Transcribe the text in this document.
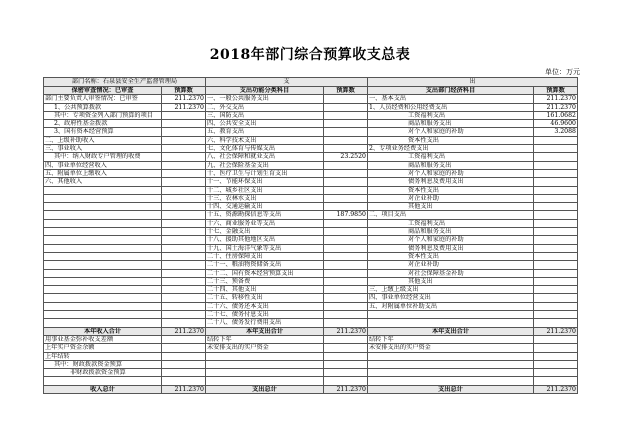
2018年部门综合预算收支总表
单位：万元
部门名称：石泉县安全生产监督管理局		支		出	
保密审查情况：已审查	预算数	支出功能分类科目	预算数	支出部门经济科目	预算数
部门主要负责人审签情况：已审签	211.2370	一、一般公共服务支出		一、基本支出	211.2370
1、公共预算拨款	211.2370	二、外交支出		1、人员经费和公用经费支出	211.2370
其中：专项资金列入部门预算的项目		三、国防支出		工资福利支出	161.0682
2、政府性基金拨款		四、公共安全支出		商品和服务支出	46.9600
3、国有资本经营预算		五、教育支出		对个人和家庭的补助	3.2088
二、上级补助收入		六、科学技术支出		资本性支出	
三、事业收入		七、文化体育与传媒支出		2、专项业务经费支出	
其中：纳入财政专户管理的收费		八、社会保障和就业支出	23.2520	工资福利支出	
四、事业单位经营收入		九、社会保险基金支出		商品和服务支出	
五、附属单位上缴收入		十、医疗卫生与计划生育支出		对个人和家庭的补助	
六、其他收入		十一、节能环保支出		债务利息及费用支出	
		十二、城乡社区支出		资本性支出	
		十三、农林水支出		对企业补助	
		十四、交通运输支出		其他支出	
		十五、资源勘探信息等支出	187.9850	二、项目支出	
		十六、商业服务业等支出		工资福利支出	
		十七、金融支出		商品和服务支出	
		十八、援助其他地区支出		对个人和家庭的补助	
		十九、国土海洋气象等支出		债务利息及费用支出	
		二十、住房保障支出		资本性支出	
		二十一、粮油物资储备支出		对企业补助	
		二十二、国有资本经营预算支出		对社会保障基金补助	
		二十三、预备费		其他支出	
		二十四、其他支出		三、上缴上级支出	
		二十五、转移性支出		四、事业单位经营支出	
		二十六、债务还本支出		五、对附属单位补助支出	
		二十七、债务付息支出			
		二十八、债务发行费用支出			
本年收入合计	211.2370	本年支出合计	211.2370	本年支出合计	211.2370
用事业基金弥补收支差额		结转下年		结转下年	
上年实户资金余额		未安排支出的实户资金		未安排支出的实户资金	
上年结转					
其中：财政拨款资金预算					
非财政拨款资金预算					

收入总计	211.2370	支出总计	211.2370	支出总计	211.2370
